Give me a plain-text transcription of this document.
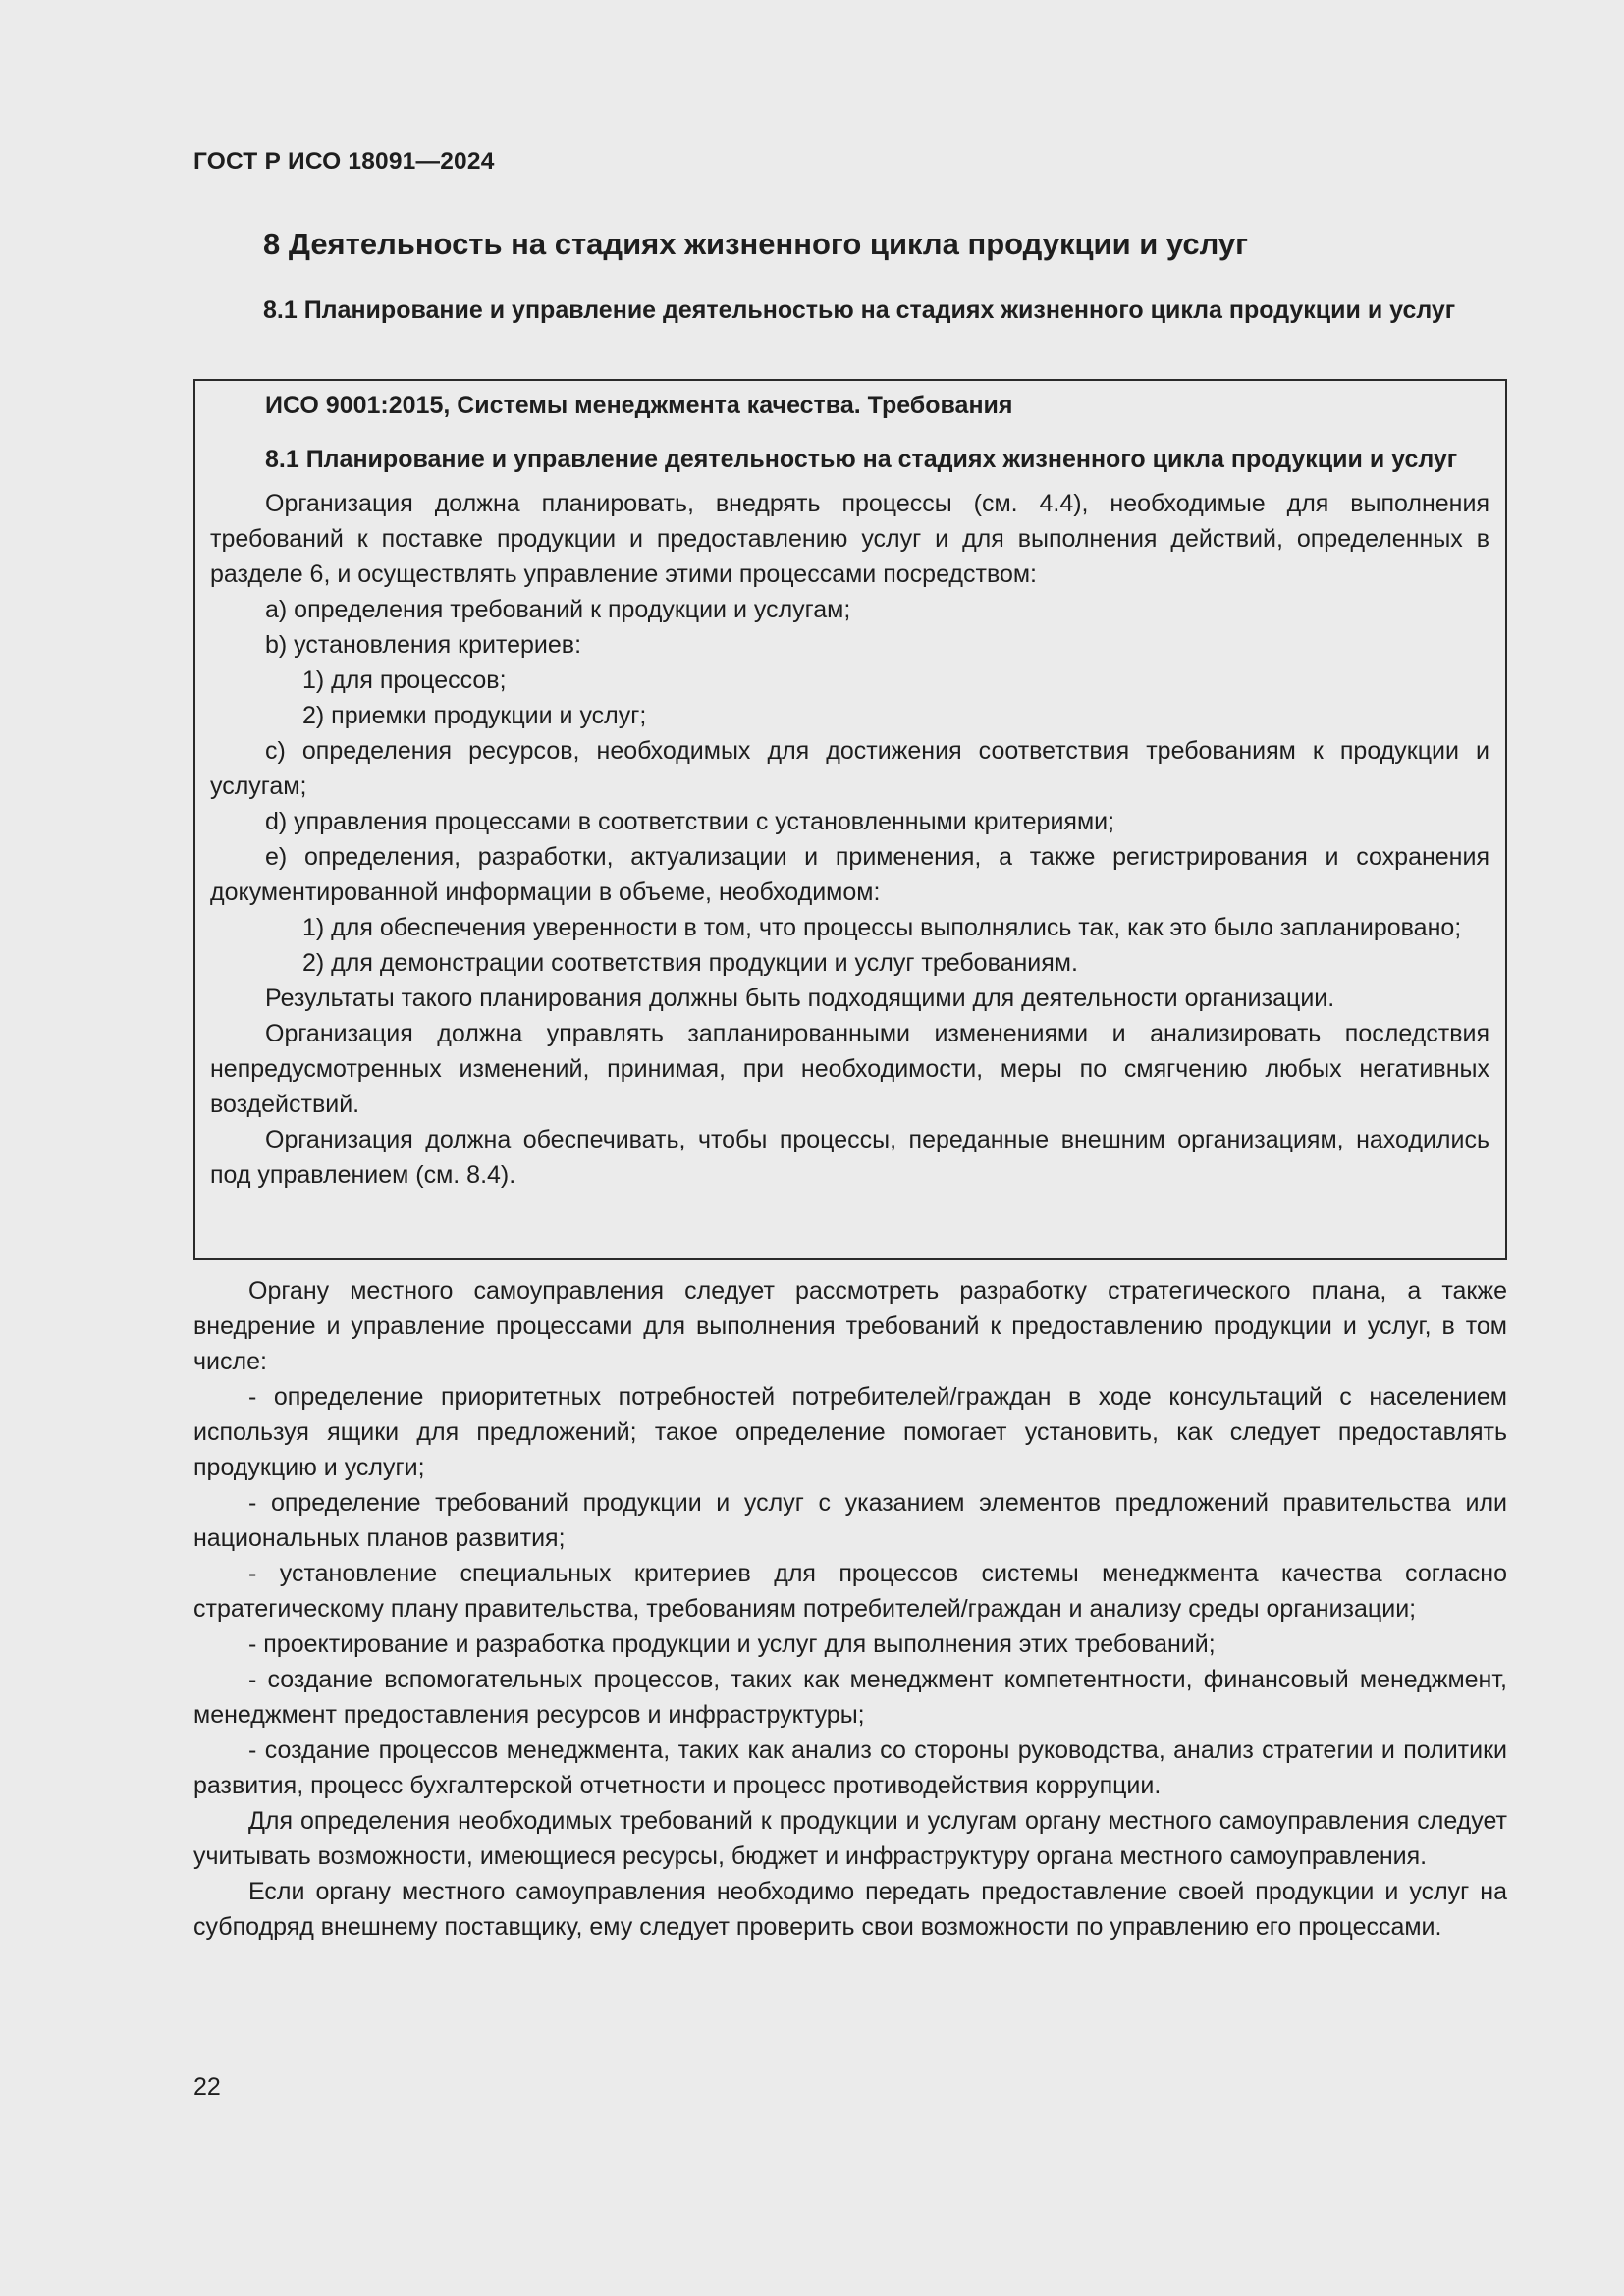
ГОСТ Р ИСО 18091—2024
8 Деятельность на стадиях жизненного цикла продукции и услуг
8.1 Планирование и управление деятельностью на стадиях жизненного цикла продукции и услуг
ИСО 9001:2015, Системы менеджмента качества. Требования
8.1 Планирование и управление деятельностью на стадиях жизненного цикла продукции и услуг

Организация должна планировать, внедрять процессы (см. 4.4), необходимые для выполнения требований к поставке продукции и предоставлению услуг и для выполнения действий, определенных в разделе 6, и осуществлять управление этими процессами посредством:

а) определения требований к продукции и услугам;

b) установления критериев:

1) для процессов;

2) приемки продукции и услуг;

с) определения ресурсов, необходимых для достижения соответствия требованиям к продукции и услугам;

d) управления процессами в соответствии с установленными критериями;

е) определения, разработки, актуализации и применения, а также регистрирования и сохранения документированной информации в объеме, необходимом:

1) для обеспечения уверенности в том, что процессы выполнялись так, как это было запланировано;

2) для демонстрации соответствия продукции и услуг требованиям.

Результаты такого планирования должны быть подходящими для деятельности организации.

Организация должна управлять запланированными изменениями и анализировать последствия непредусмотренных изменений, принимая, при необходимости, меры по смягчению любых негативных воздействий.

Организация должна обеспечивать, чтобы процессы, переданные внешним организациям, находились под управлением (см. 8.4).

Органу местного самоуправления следует рассмотреть разработку стратегического плана, а также внедрение и управление процессами для выполнения требований к предоставлению продукции и услуг, в том числе:

- определение приоритетных потребностей потребителей/граждан в ходе консультаций с населением используя ящики для предложений; такое определение помогает установить, как следует предоставлять продукцию и услуги;

- определение требований продукции и услуг с указанием элементов предложений правительства или национальных планов развития;

- установление специальных критериев для процессов системы менеджмента качества согласно стратегическому плану правительства, требованиям потребителей/граждан и анализу среды организации;

- проектирование и разработка продукции и услуг для выполнения этих требований;

- создание вспомогательных процессов, таких как менеджмент компетентности, финансовый менеджмент, менеджмент предоставления ресурсов и инфраструктуры;

- создание процессов менеджмента, таких как анализ со стороны руководства, анализ стратегии и политики развития, процесс бухгалтерской отчетности и процесс противодействия коррупции.

Для определения необходимых требований к продукции и услугам органу местного самоуправления следует учитывать возможности, имеющиеся ресурсы, бюджет и инфраструктуру органа местного самоуправления.

Если органу местного самоуправления необходимо передать предоставление своей продукции и услуг на субподряд внешнему поставщику, ему следует проверить свои возможности по управлению его процессами.

22
